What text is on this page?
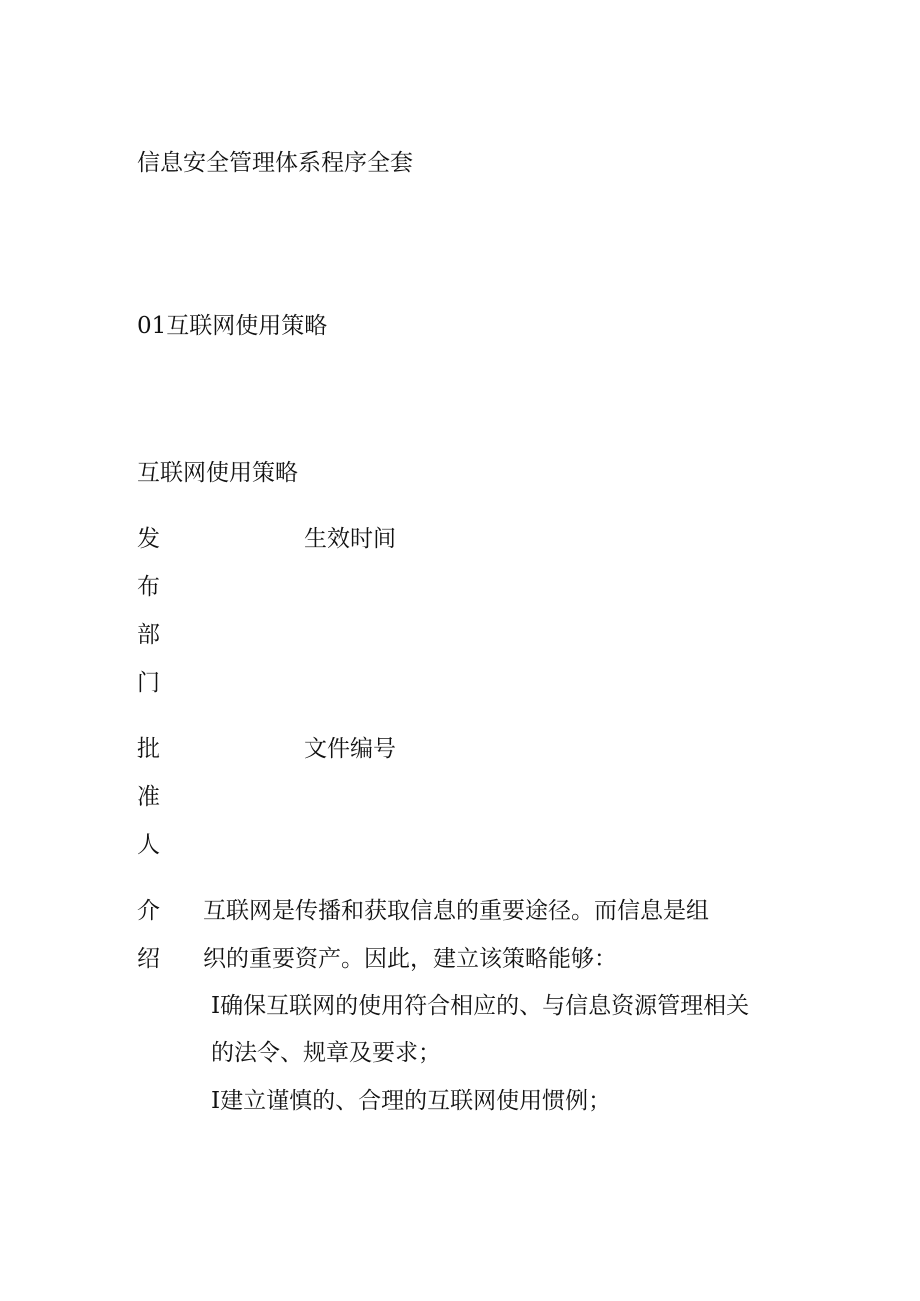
信息安全管理体系程序全套
01互联网使用策略
互联网使用策略
发
布
部
门
生效时间
批
准
人
文件编号
介
绍
互联网是传播和获取信息的重要途径。而信息是组
织的重要资产。因此，建立该策略能够：
I确保互联网的使用符合相应的、与信息资源管理相关
的法令、规章及要求；
I建立谨慎的、合理的互联网使用惯例；
